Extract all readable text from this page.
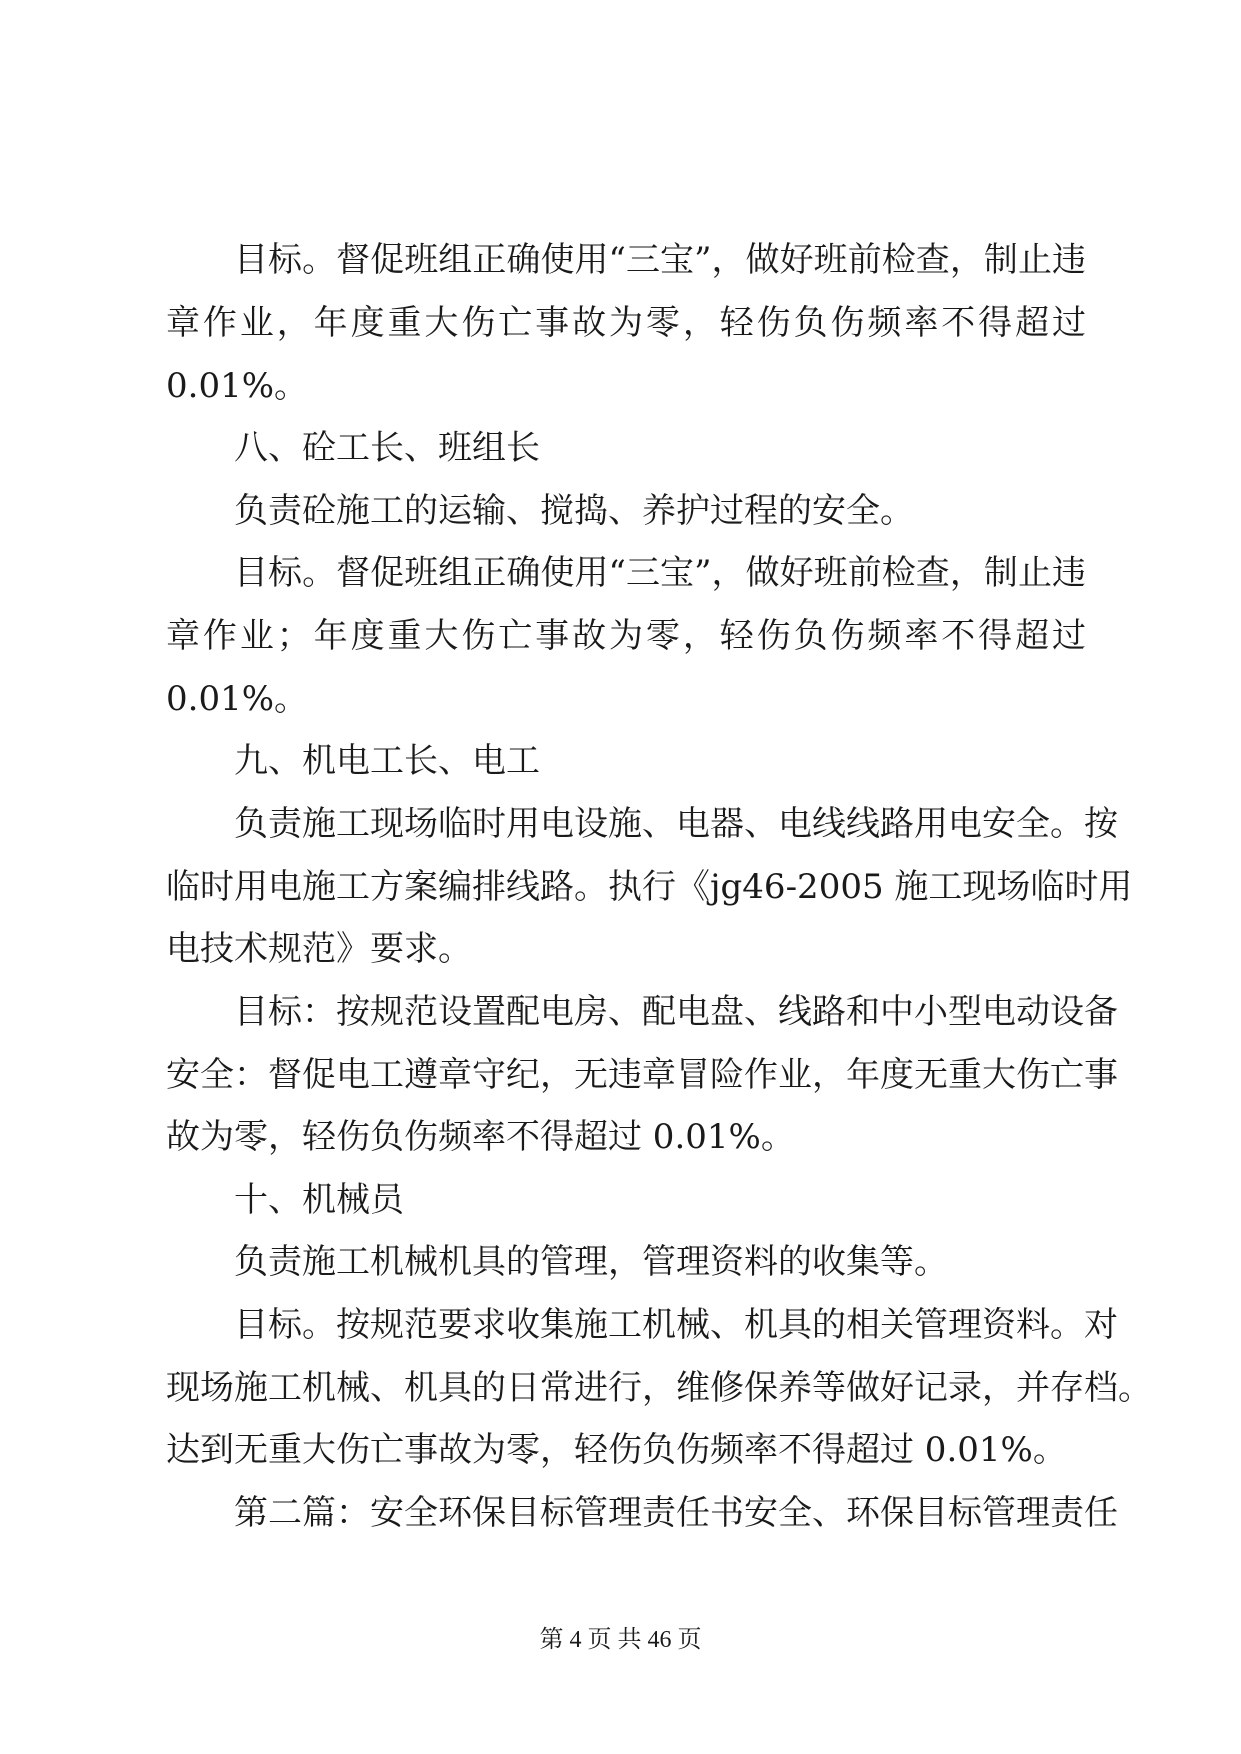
目标。督促班组正确使用“三宝”，做好班前检查，制止违
章作业，年度重大伤亡事故为零，轻伤负伤频率不得超过
0.01%。
八、砼工长、班组长
负责砼施工的运输、搅捣、养护过程的安全。
目标。督促班组正确使用“三宝”，做好班前检查，制止违
章作业；年度重大伤亡事故为零，轻伤负伤频率不得超过
0.01%。
九、机电工长、电工
负责施工现场临时用电设施、电器、电线线路用电安全。按
临时用电施工方案编排线路。执行《jg46-2005 施工现场临时用
电技术规范》要求。
目标：按规范设置配电房、配电盘、线路和中小型电动设备
安全：督促电工遵章守纪，无违章冒险作业，年度无重大伤亡事
故为零，轻伤负伤频率不得超过 0.01%。
十、机械员
负责施工机械机具的管理，管理资料的收集等。
目标。按规范要求收集施工机械、机具的相关管理资料。对
现场施工机械、机具的日常进行，维修保养等做好记录，并存档。
达到无重大伤亡事故为零，轻伤负伤频率不得超过 0.01%。
第二篇：安全环保目标管理责任书安全、环保目标管理责任
第 4 页 共 46 页
